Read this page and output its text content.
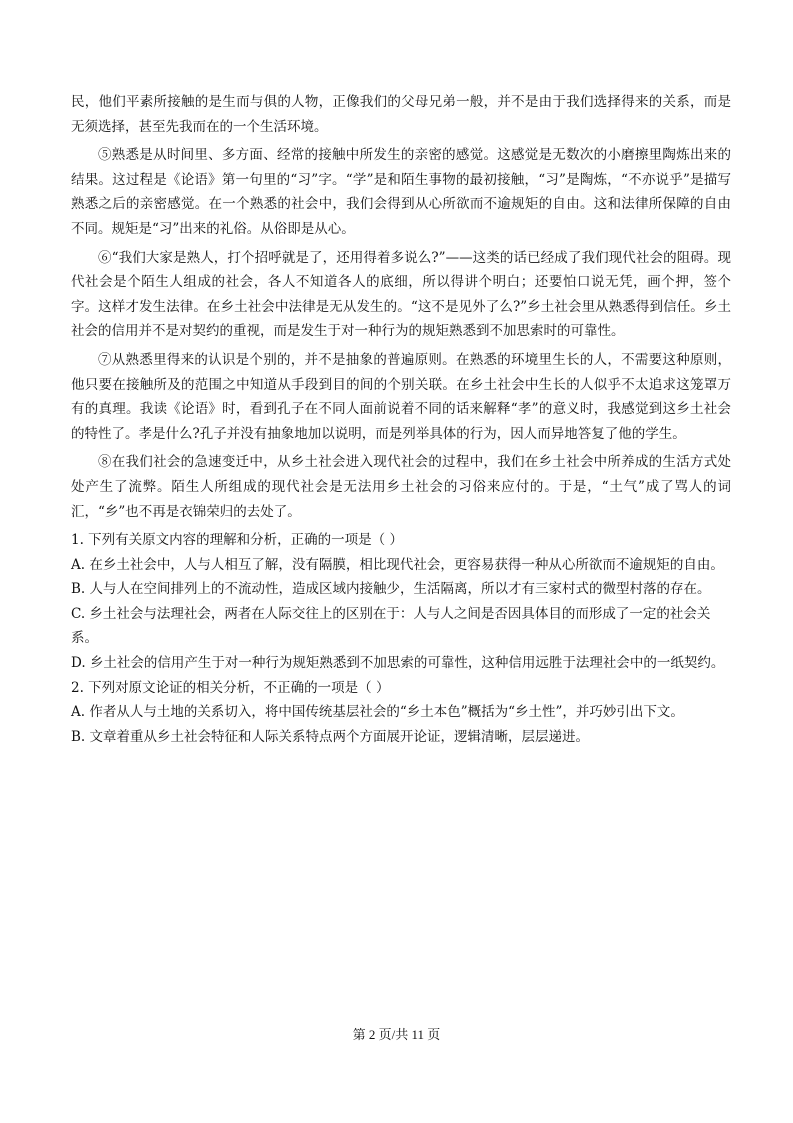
民，他们平素所接触的是生而与俱的人物，正像我们的父母兄弟一般，并不是由于我们选择得来的关系，而是无须选择，甚至先我而在的一个生活环境。

⑤熟悉是从时间里、多方面、经常的接触中所发生的亲密的感觉。这感觉是无数次的小磨擦里陶炼出来的结果。这过程是《论语》第一句里的“习”字。“学”是和陌生事物的最初接触，“习”是陶炼，“不亦说乎”是描写熟悉之后的亲密感觉。在一个熟悉的社会中，我们会得到从心所欲而不逾规矩的自由。这和法律所保障的自由不同。规矩是“习”出来的礼俗。从俗即是从心。

⑥“我们大家是熟人，打个招呼就是了，还用得着多说么?”——这类的话已经成了我们现代社会的阻碍。现代社会是个陌生人组成的社会，各人不知道各人的底细，所以得讲个明白；还要怕口说无凭，画个押，签个字。这样才发生法律。在乡土社会中法律是无从发生的。“这不是见外了么?”乡土社会里从熟悉得到信任。乡土社会的信用并不是对契约的重视，而是发生于对一种行为的规矩熟悉到不加思索时的可靠性。

⑦从熟悉里得来的认识是个别的，并不是抽象的普遍原则。在熟悉的环境里生长的人，不需要这种原则，他只要在接触所及的范围之中知道从手段到目的间的个别关联。在乡土社会中生长的人似乎不太追求这笼罩万有的真理。我读《论语》时，看到孔子在不同人面前说着不同的话来解释“孝”的意义时，我感觉到这乡土社会的特性了。孝是什么?孔子并没有抽象地加以说明，而是列举具体的行为，因人而异地答复了他的学生。

⑧在我们社会的急速变迁中，从乡土社会进入现代社会的过程中，我们在乡土社会中所养成的生活方式处处产生了流弊。陌生人所组成的现代社会是无法用乡土社会的习俗来应付的。于是，“土气”成了骂人的词汇，“乡”也不再是衣锦荣归的去处了。

1. 下列有关原文内容的理解和分析，正确的一项是（ ）

A. 在乡土社会中，人与人相互了解，没有隔膜，相比现代社会，更容易获得一种从心所欲而不逾规矩的自由。

B. 人与人在空间排列上的不流动性，造成区域内接触少，生活隔离，所以才有三家村式的微型村落的存在。

C. 乡土社会与法理社会，两者在人际交往上的区别在于：人与人之间是否因具体目的而形成了一定的社会关系。

D. 乡土社会的信用产生于对一种行为规矩熟悉到不加思索的可靠性，这种信用远胜于法理社会中的一纸契约。

2. 下列对原文论证的相关分析，不正确的一项是（ ）

A. 作者从人与土地的关系切入，将中国传统基层社会的“乡土本色”概括为“乡土性”，并巧妙引出下文。

B. 文章着重从乡土社会特征和人际关系特点两个方面展开论证，逻辑清晰，层层递进。

第 2 页/共 11 页
